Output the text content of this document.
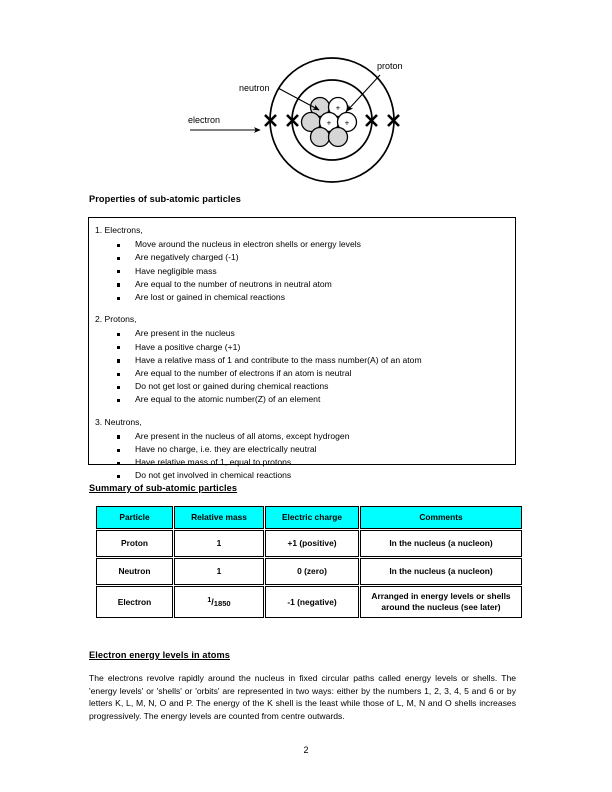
+
+ +
neutron
proton
electron
Properties of sub-atomic particles
1. Electrons,
Move around the nucleus in electron shells or energy levels
Are negatively charged (-1)
Have negligible mass
Are equal to the number of neutrons in neutral atom
Are lost or gained in chemical reactions
2. Protons,
Are present in the nucleus
Have a positive charge (+1)
Have a relative mass of 1 and contribute to the mass number(A) of an atom
Are equal to the number of electrons if an atom is neutral
Do not get lost or gained during chemical reactions
Are equal to the atomic number(Z) of an element
3. Neutrons,
Are present in the nucleus of all atoms, except hydrogen
Have no charge, i.e. they are electrically neutral
Have relative mass of 1, equal to protons
Do not get involved in chemical reactions
Summary of sub-atomic particles
Particle	Relative mass	Electric charge	Comments
Proton	1	+1 (positive)	In the nucleus (a nucleon)
Neutron	1	0 (zero)	In the nucleus (a nucleon)
Electron	$^1/_{1850}$	-1 (negative)	Arranged in energy levels or shells
around the nucleus (see later)
Electron energy levels in atoms
The electrons revolve rapidly around the nucleus in fixed circular paths called energy levels or shells. The 'energy levels' or 'shells' or 'orbits' are represented in two ways: either by the numbers 1, 2, 3, 4, 5 and 6 or by letters K, L, M, N, O and P. The energy of the K shell is the least while those of L, M, N and O shells increases progressively. The energy levels are counted from centre outwards.
2
